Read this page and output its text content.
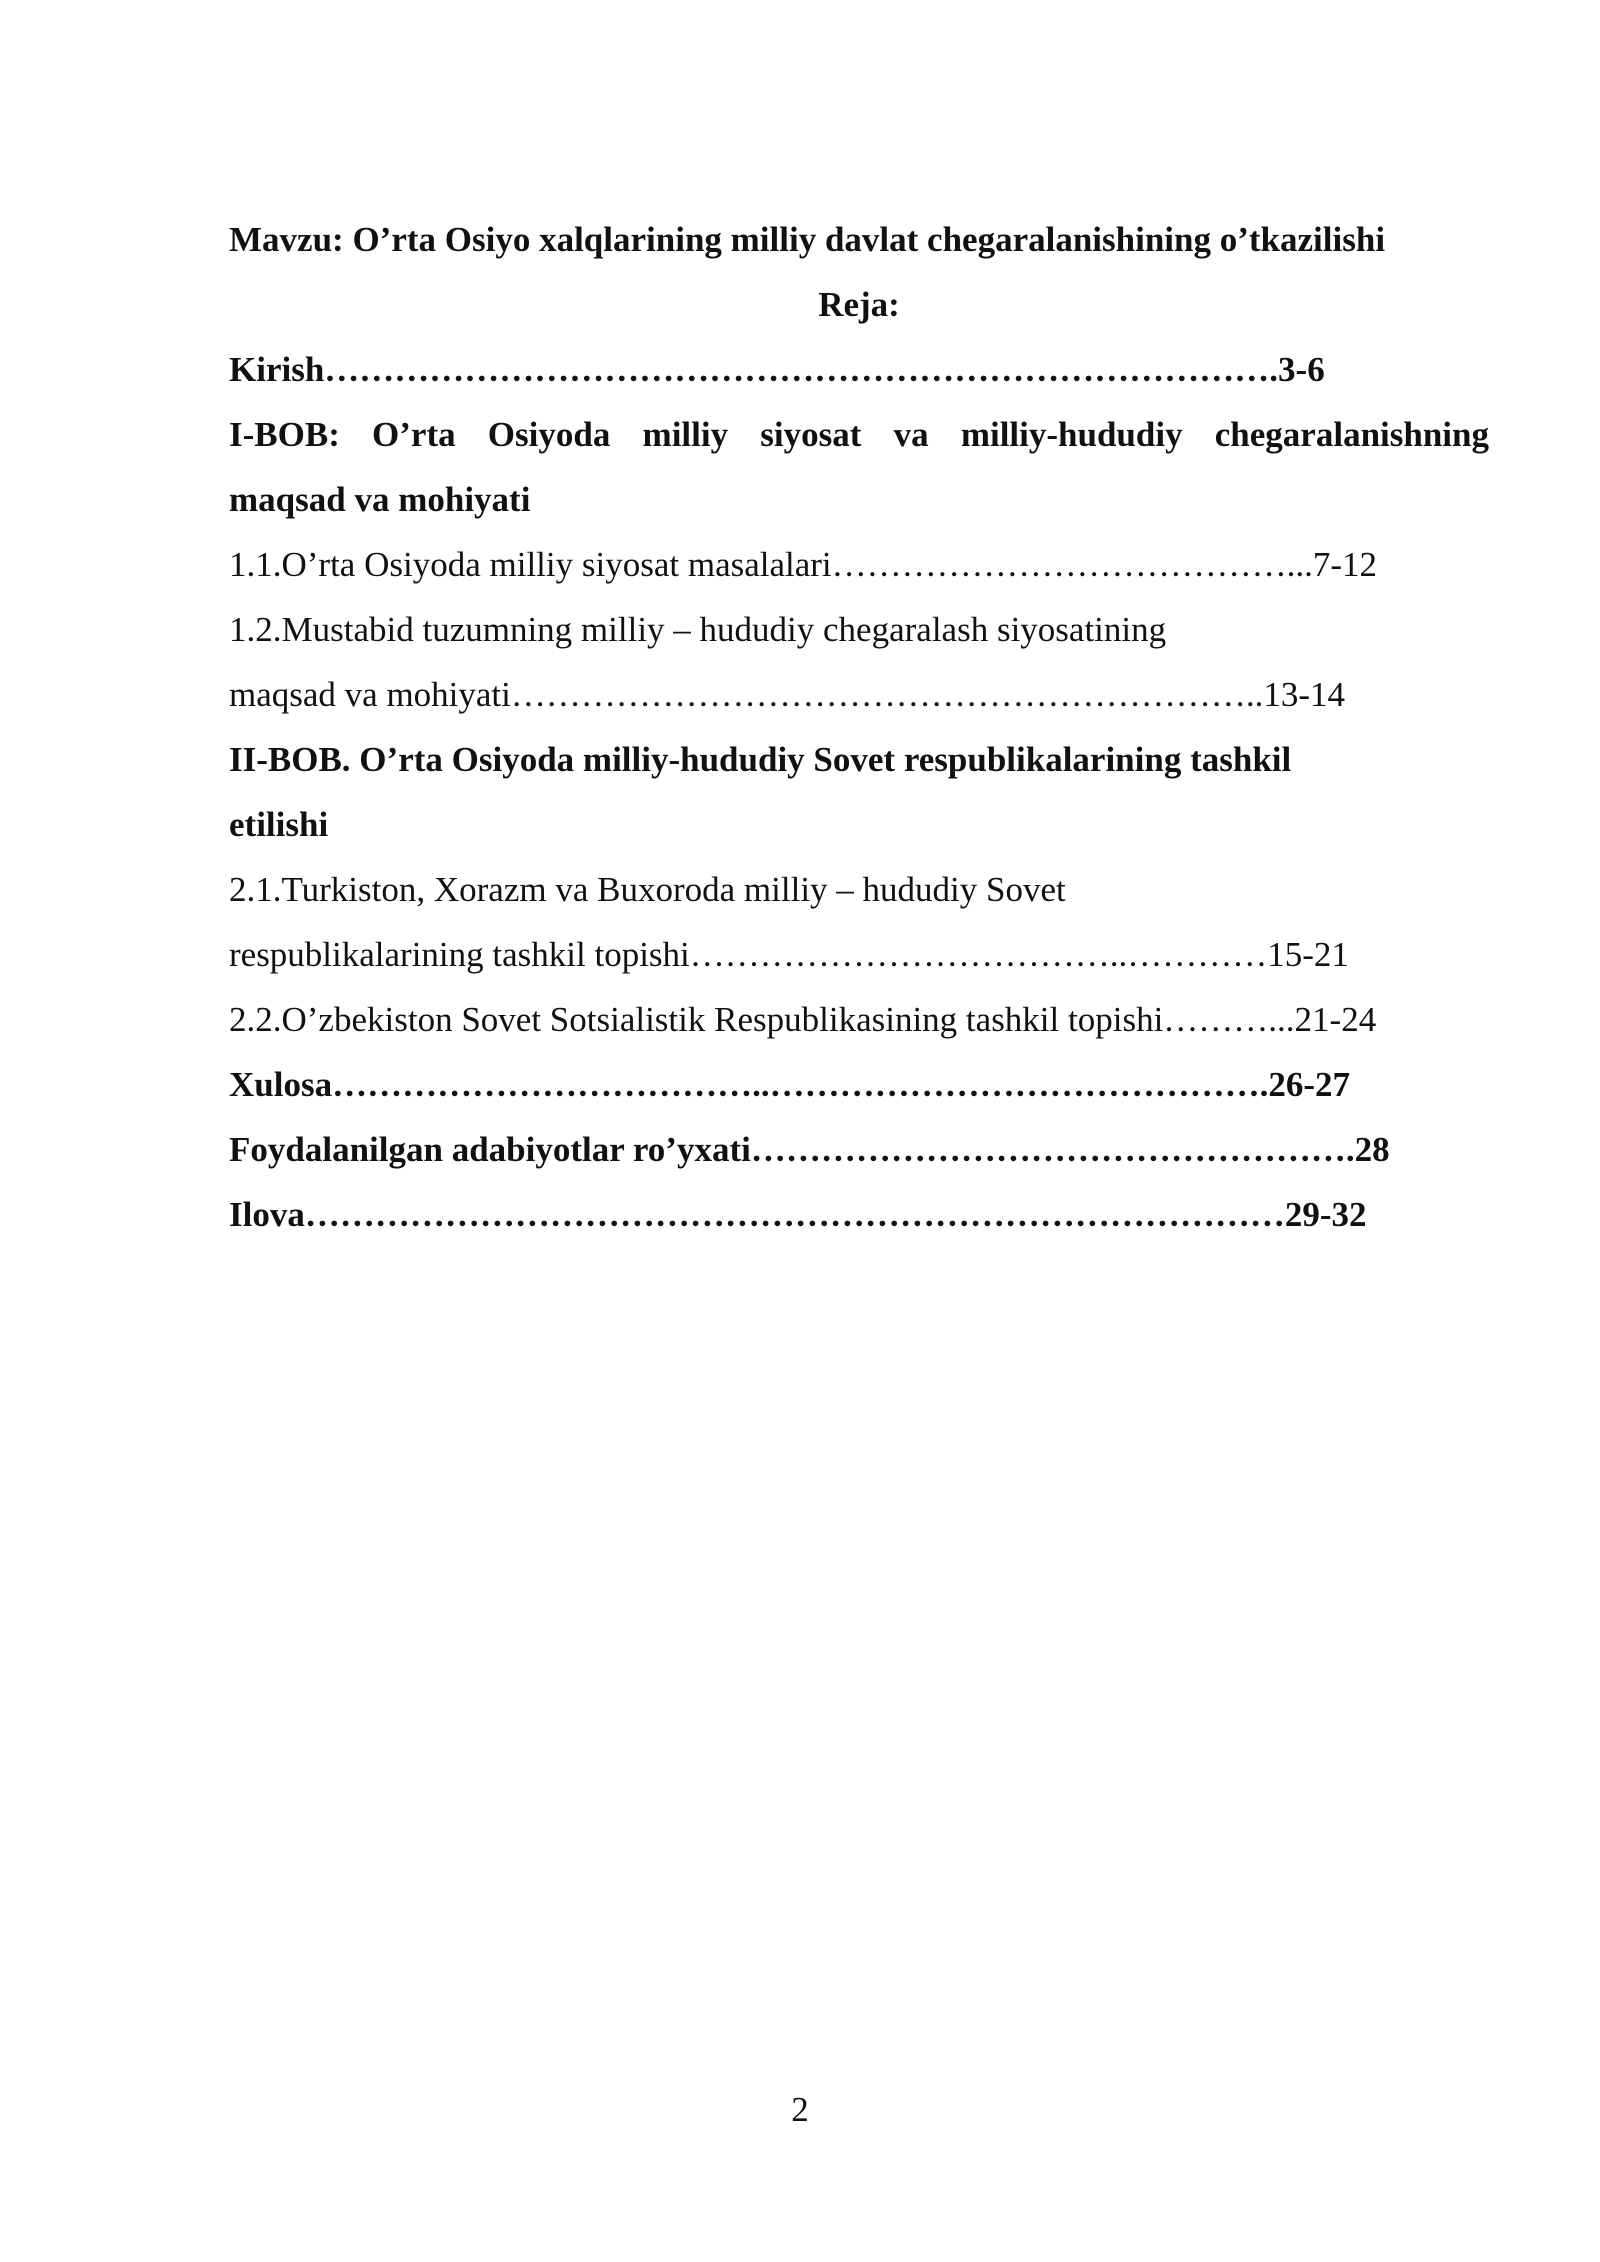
Mavzu: O’rta Osiyo xalqlarining milliy davlat chegaralanishining o’tkazilishi
Reja:
Kirish……………………………………………………………………….3-6
I-BOB: O’rta Osiyoda milliy siyosat va milliy-hududiy chegaralanishning
maqsad va mohiyati
1.1.O’rta Osiyoda milliy siyosat masalalari…………………………………...7-12
1.2.Mustabid tuzumning milliy – hududiy chegaralash siyosatining
maqsad va mohiyati………………………………………………………..13-14
II-BOB. O’rta Osiyoda milliy-hududiy Sovet respublikalarining tashkil
etilishi
2.1.Turkiston, Xorazm va Buxoroda milliy – hududiy Sovet
respublikalarining tashkil topishi………………………………..…………15-21
2.2.O’zbekiston Sovet Sotsialistik Respublikasining tashkil topishi………...21-24
Xulosa………………………………..…………………………………….26-27
Foydalanilgan adabiyotlar ro’yxati…………………………………………….28
Ilova…………………………………………………………………………29-32
2
